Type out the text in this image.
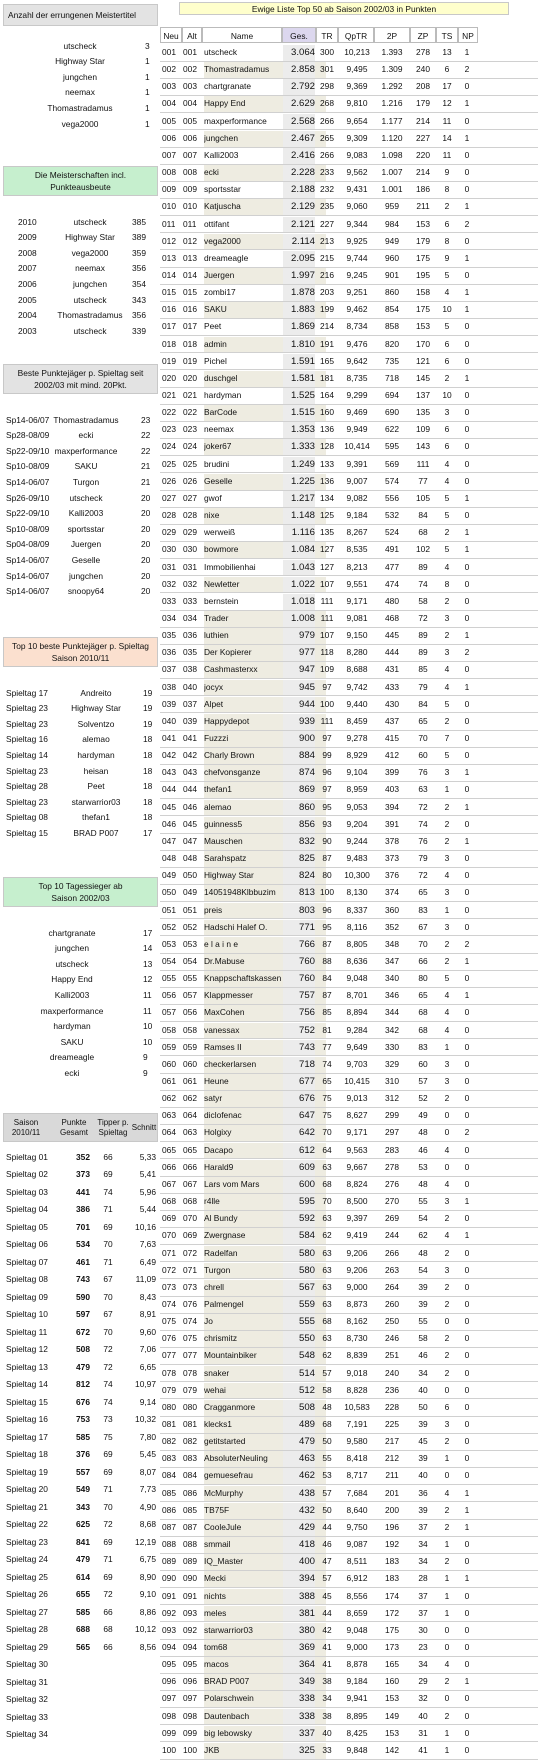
Anzahl der errungenen Meistertitel
utscheck	3
Highway Star	1
jungchen	1
neemax	1
Thomastradamus	1
vega2000	1
Die Meisterschaften incl. Punkteausbeute
2010	utscheck	385
2009	Highway Star	389
2008	vega2000	359
2007	neemax	356
2006	jungchen	354
2005	utscheck	343
2004	Thomastradamus	356
2003	utscheck	339
Beste Punktejäger p. Spieltag seit 2002/03 mit mind. 20Pkt.
Sp14-06/07 Thomastradamus	23
Sp28-08/09	ecki	22
Sp22-09/10 maxperformance	22
Sp10-08/09	SAKU	21
Sp14-06/07	Turgon	21
Sp26-09/10	utscheck	20
Sp22-09/10	Kalli2003	20
Sp10-08/09	sportsstar	20
Sp04-08/09	Juergen	20
Sp14-06/07	Geselle	20
Sp14-06/07	jungchen	20
Sp14-06/07	snoopy64	20
Top 10 beste Punktejäger p. Spieltag Saison 2010/11
Spieltag 17	Andreito	19
Spieltag 23	Highway Star	19
Spieltag 23	Solventzo	19
Spieltag 16	alemao	18
Spieltag 14	hardyman	18
Spieltag 23	heisan	18
Spieltag 28	Peet	18
Spieltag 23	starwarrior03	18
Spieltag 08	thefan1	18
Spieltag 15	BRAD P007	17
Top 10 Tagessieger ab Saison 2002/03
chartgranate	17
jungchen	14
utscheck	13
Happy End	12
Kalli2003	11
maxperformance	11
hardyman	10
SAKU	10
dreameagle	9
ecki	9
Saison 2010/11
Punkte Gesamt
Tipper p. Spieltag
Schnitt
Spieltag 01	352	66	5,33
Spieltag 02	373	69	5,41
Spieltag 03	441	74	5,96
Spieltag 04	386	71	5,44
Spieltag 05	701	69	10,16
Spieltag 06	534	70	7,63
Spieltag 07	461	71	6,49
Spieltag 08	743	67	11,09
Spieltag 09	590	70	8,43
Spieltag 10	597	67	8,91
Spieltag 11	672	70	9,60
Spieltag 12	508	72	7,06
Spieltag 13	479	72	6,65
Spieltag 14	812	74	10,97
Spieltag 15	676	74	9,14
Spieltag 16	753	73	10,32
Spieltag 17	585	75	7,80
Spieltag 18	376	69	5,45
Spieltag 19	557	69	8,07
Spieltag 20	549	71	7,73
Spieltag 21	343	70	4,90
Spieltag 22	625	72	8,68
Spieltag 23	841	69	12,19
Spieltag 24	479	71	6,75
Spieltag 25	614	69	8,90
Spieltag 26	655	72	9,10
Spieltag 27	585	66	8,86
Spieltag 28	688	68	10,12
Spieltag 29	565	66	8,56
Spieltag 30
Spieltag 31
Spieltag 32
Spieltag 33
Spieltag 34
Ewige Liste Top 50 ab Saison 2002/03 in Punkten
Neu	Alt	Name	Ges.	TR	QpTR	2P	ZP	TS	NP
001 001 utscheck	3.064 300	10,213	1.393	278	13	1
002 002 Thomastradamus	2.858 301	9,495	1.309	240	6	2
003 003 chartgranate	2.792 298	9,369	1.292	208	17	0
004 004 Happy End	2.629 268	9,810	1.216	179	12	1
005 005 maxperformance	2.568 266	9,654	1.177	214	11	0
006 006 jungchen	2.467 265	9,309	1.120	227	14	1
007 007 Kalli2003	2.416 266	9,083	1.098	220	11	0
008 008 ecki	2.228 233	9,562	1.007	214	9	0
009 009 sportsstar	2.188 232	9,431	1.001	186	8	0
010 010 Katjuscha	2.129 235	9,060	959	211	2	1
011 011 ottifant	2.121 227	9,344	984	153	6	2
012 012 vega2000	2.114 213	9,925	949	179	8	0
013 013 dreameagle	2.095 215	9,744	960	175	9	1
014 014 Juergen	1.997 216	9,245	901	195	5	0
015 015 zombi17	1.878 203	9,251	860	158	4	1
016 016 SAKU	1.883 199	9,462	854	175	10	1
017 017 Peet	1.869 214	8,734	858	153	5	0
018 018 admin	1.810 191	9,476	820	170	6	0
019 019 Pichel	1.591 165	9,642	735	121	6	0
020 020 duschgel	1.581 181	8,735	718	145	2	1
021 021 hardyman	1.525 164	9,299	694	137	10	0
022 022 BarCode	1.515 160	9,469	690	135	3	0
023 023 neemax	1.353 136	9,949	622	109	6	0
024 024 joker67	1.333 128	10,414	595	143	6	0
025 025 brudini	1.249 133	9,391	569	111	4	0
026 026 Geselle	1.225 136	9,007	574	77	4	0
027 027 gwof	1.217 134	9,082	556	105	5	1
028 028 nixe	1.148 125	9,184	532	84	5	0
029 029 werweiß	1.116 135	8,267	524	68	2	1
030 030 bowmore	1.084 127	8,535	491	102	5	1
031 031 Immobilienhai	1.043 127	8,213	477	89	4	0
032 032 Newletter	1.022 107	9,551	474	74	8	0
033 033 bernstein	1.018 111	9,171	480	58	2	0
034 034 Trader	1.008 111	9,081	468	72	3	0
035 036 luthien	979 107	9,150	445	89	2	1
036 035 Der Kopierer	977 118	8,280	444	89	3	2
037 038 Cashmasterxx	947 109	8,688	431	85	4	0
038 040 jocyx	945 97	9,742	433	79	4	1
039 037 Alpet	944 100	9,440	430	84	5	0
040 039 Happydepot	939 111	8,459	437	65	2	0
041 041 Fuzzzi	900 97	9,278	415	70	7	0
042 042 Charly Brown	884 99	8,929	412	60	5	0
043 043 chefvonsganze	874 96	9,104	399	76	3	1
044 044 thefan1	869 97	8,959	403	63	1	0
045 046 alemao	860 95	9,053	394	72	2	1
046 045 guinness5	856 93	9,204	391	74	2	0
047 047 Mauschen	832 90	9,244	378	76	2	1
048 048 Sarahspatz	825 87	9,483	373	79	3	0
049 050 Highway Star	824 80	10,300	376	72	4	0
050 049 14051948Klbbuzim	813 100	8,130	374	65	3	0
051 051 preis	803 96	8,337	360	83	1	0
052 052 Hadschi Halef O.	771 95	8,116	352	67	3	0
053 053 e l a i n e	766 87	8,805	348	70	2	2
054 054 Dr.Mabuse	760 88	8,636	347	66	2	1
055 055 Knappschaftskassen	760 84	9,048	340	80	5	0
056 057 Klappmesser	757 87	8,701	346	65	4	1
057 056 MaxCohen	756 85	8,894	344	68	4	0
058 058 vanessax	752 81	9,284	342	68	4	0
059 059 Ramses II	743 77	9,649	330	83	1	0
060 060 checkerlarsen	718 74	9,703	329	60	3	0
061 061 Heune	677 65	10,415	310	57	3	0
062 062 satyr	676 75	9,013	312	52	2	0
063 064 diclofenac	647 75	8,627	299	49	0	0
064 063 Holgixy	642 70	9,171	297	48	0	2
065 065 Dacapo	612 64	9,563	283	46	4	0
066 066 Harald9	609 63	9,667	278	53	0	0
067 067 Lars vom Mars	600 68	8,824	276	48	4	0
068 068 r4lle	595 70	8,500	270	55	3	1
069 070 Al Bundy	592 63	9,397	269	54	2	0
070 069 Zwergnase	584 62	9,419	244	62	4	1
071 072 Radelfan	580 63	9,206	266	48	2	0
072 071 Turgon	580 63	9,206	263	54	3	0
073 073 chrell	567 63	9,000	264	39	2	0
074 076 Palmengel	559 63	8,873	260	39	2	0
075 074 Jo	555 68	8,162	250	55	0	0
076 075 chrismitz	550 63	8,730	246	58	2	0
077 077 Mountainbiker	548 62	8,839	251	46	2	0
078 078 snaker	514 57	9,018	240	34	2	0
079 079 wehai	512 58	8,828	236	40	0	0
080 080 Cragganmore	508 48	10,583	228	50	6	0
081 081 klecks1	489 68	7,191	225	39	3	0
082 082 getitstarted	479 50	9,580	217	45	2	0
083 083 AbsoluterNeuling	463 55	8,418	212	39	1	0
084 084 gemuesefrau	462 53	8,717	211	40	0	0
085 086 McMurphy	438 57	7,684	201	36	4	1
086 085 TB75F	432 50	8,640	200	39	2	1
087 087 CooleJule	429 44	9,750	196	37	2	1
088 088 smmail	418 46	9,087	192	34	1	0
089 089 IQ_Master	400 47	8,511	183	34	2	0
090 090 Mecki	394 57	6,912	183	28	1	1
091 091 nichts	388 45	8,556	174	37	1	0
092 093 meles	381 44	8,659	172	37	1	0
093 092 starwarrior03	380 42	9,048	175	30	0	0
094 094 tom68	369 41	9,000	173	23	0	0
095 095 macos	364 41	8,878	165	34	4	0
096 096 BRAD P007	349 38	9,184	160	29	2	1
097 097 Polarschwein	338 34	9,941	153	32	0	0
098 098 Dautenbach	338 38	8,895	149	40	2	0
099 099 big lebowsky	337 40	8,425	153	31	1	0
100 100 JKB	325 33	9,848	142	41	1	0
